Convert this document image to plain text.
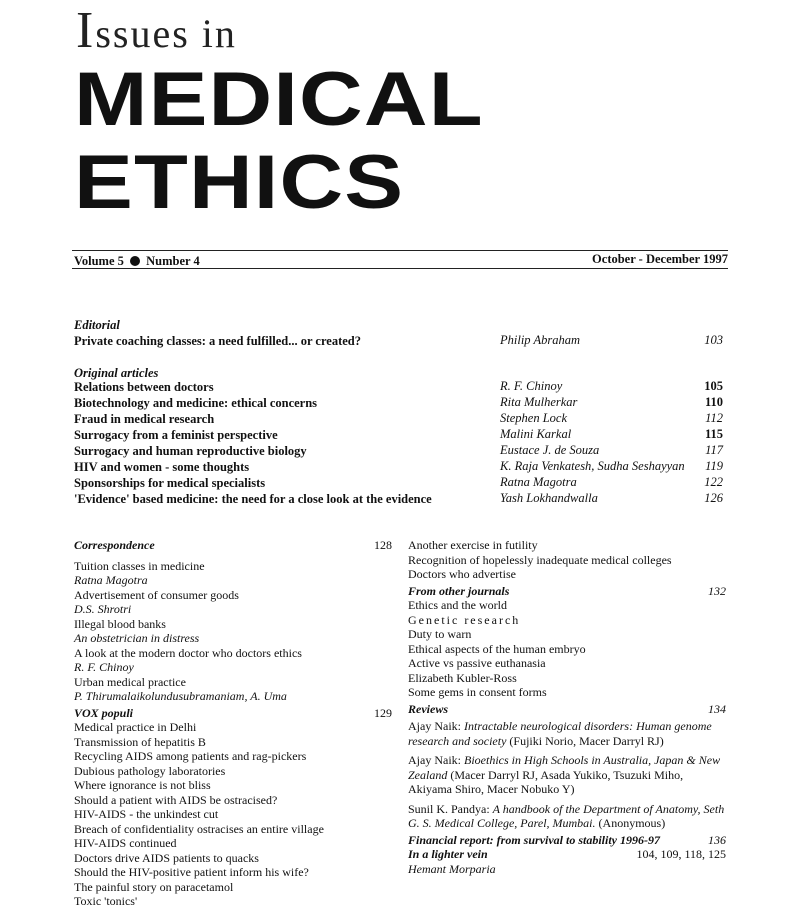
Issues in
MEDICAL
ETHICS
Volume 5 Number 4	October - December 1997
Editorial
Private coaching classes: a need fulfilled... or created?	Philip Abraham	103
Original articles
Relations between doctors	R. F. Chinoy	105
Biotechnology and medicine: ethical concerns	Rita Mulherkar	110
Fraud in medical research	Stephen Lock	112
Surrogacy from a feminist perspective	Malini Karkal	115
Surrogacy and human reproductive biology	Eustace J. de Souza	117
HIV and women - some thoughts	K. Raja Venkatesh, Sudha Seshayyan	119
Sponsorships for medical specialists	Ratna Magotra	122
'Evidence' based medicine: the need for a close look at the evidence	Yash Lokhandwalla	126
Correspondence	128
Tuition classes in medicine
Ratna Magotra
Advertisement of consumer goods
D.S. Shrotri
Illegal blood banks
An obstetrician in distress
A look at the modern doctor who doctors ethics
R. F. Chinoy
Urban medical practice
P. Thirumalaikolundusubramaniam, A. Uma
VOX populi	129
Medical practice in Delhi
Transmission of hepatitis B
Recycling AIDS among patients and rag-pickers
Dubious pathology laboratories
Where ignorance is not bliss
Should a patient with AIDS be ostracised?
HIV-AIDS - the unkindest cut
Breach of confidentiality ostracises an entire village
HIV-AIDS continued
Doctors drive AIDS patients to quacks
Should the HIV-positive patient inform his wife?
The painful story on paracetamol
Toxic 'tonics'
Another exercise in futility
Recognition of hopelessly inadequate medical colleges
Doctors who advertise
From other journals	132
Ethics and the world
Genetic research
Duty to warn
Ethical aspects of the human embryo
Active vs passive euthanasia
Elizabeth Kubler-Ross
Some gems in consent forms
Reviews	134
Ajay Naik: Intractable neurological disorders: Human genome
research and society (Fujiki Norio, Macer Darryl RJ)
Ajay Naik: Bioethics in High Schools in Australia, Japan & New
Zealand (Macer Darryl RJ, Asada Yukiko, Tsuzuki Miho,
Akiyama Shiro, Macer Nobuko Y)
Sunil K. Pandya: A handbook of the Department of Anatomy, Seth
G. S. Medical College, Parel, Mumbai. (Anonymous)
Financial report: from survival to stability 1996-97	136
In a lighter vein	104, 109, 118, 125
Hemant Morparia
